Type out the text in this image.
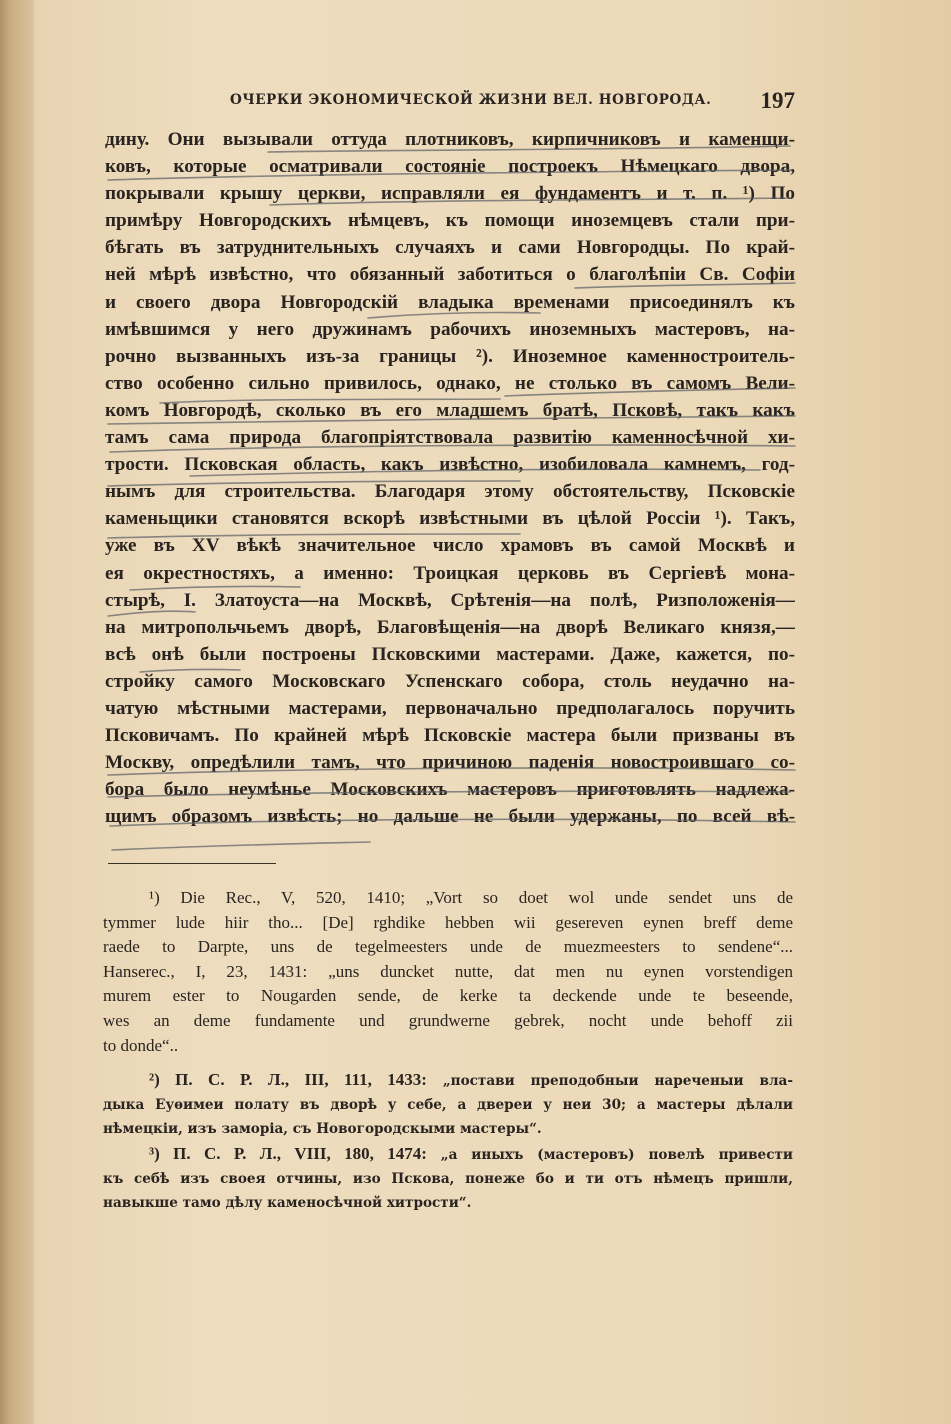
ОЧЕРКИ ЭКОНОМИЧЕСКОЙ ЖИЗНИ ВЕЛ. НОВГОРОДА. 197
дину. Они вызывали оттуда плотниковъ, кирпичниковъ и каменщи-
ковъ, которые осматривали состояніе построекъ Нѣмецкаго двора,
покрывали крышу церкви, исправляли ея фундаментъ и т. п. ¹) По
примѣру Новгородскихъ нѣмцевъ, къ помощи иноземцевъ стали при-
бѣгать въ затруднительныхъ случаяхъ и сами Новгородцы. По край-
ней мѣрѣ извѣстно, что обязанный заботиться о благолѣпіи Св. Софіи
и своего двора Новгородскій владыка временами присоединялъ къ
имѣвшимся у него дружинамъ рабочихъ иноземныхъ мастеровъ, на-
рочно вызванныхъ изъ-за границы ²). Иноземное каменностроитель-
ство особенно сильно привилось, однако, не столько въ самомъ Вели-
комъ Новгородѣ, сколько въ его младшемъ братѣ, Псковѣ, такъ какъ
тамъ сама природа благопріятствовала развитію каменносѣчной хи-
трости. Псковская область, какъ извѣстно, изобиловала камнемъ, год-
нымъ для строительства. Благодаря этому обстоятельству, Псковскіе
каменьщики становятся вскорѣ извѣстными въ цѣлой Россіи ¹). Такъ,
уже въ XV вѣкѣ значительное число храмовъ въ самой Москвѣ и
ея окрестностяхъ, а именно: Троицкая церковь въ Сергіевѣ мона-
стырѣ, І. Златоуста—на Москвѣ, Срѣтенія—на полѣ, Ризположенія—
на митропольчьемъ дворѣ, Благовѣщенія—на дворѣ Великаго князя,—
всѣ онѣ были построены Псковскими мастерами. Даже, кажется, по-
стройку самого Московскаго Успенскаго собора, столь неудачно на-
чатую мѣстными мастерами, первоначально предполагалось поручить
Псковичамъ. По крайней мѣрѣ Псковскіе мастера были призваны въ
Москву, опредѣлили тамъ, что причиною паденія новостроившаго со-
бора было неумѣнье Московскихъ мастеровъ приготовлять надлежа-
щимъ образомъ извѣсть; но дальше не были удержаны, по всей вѣ-
¹) Die Rec., V, 520, 1410; „Vort so doet wol unde sendet uns de
tymmer lude hiir tho... [De] rghdike hebben wii gesereven eynen breff deme
raede to Darpte, uns de tegelmeesters unde de muezmeesters to sendene“...
Hanserec., I, 23, 1431: „uns duncket nutte, dat men nu eynen vorstendigen
murem ester to Nougarden sende, de kerke ta deckende unde te beseende,
wes an deme fundamente und grundwerne gebrek, nocht unde behoff zii
to donde“..
²) П. С. Р. Л., III, 111, 1433: „постави преподобныи нареченыи вла-
дыка Еуѳимеи полату въ дворѣ у себе, а двереи у неи 30; а мастеры дѣлали
нѣмецкіи, изъ заморіа, съ Новогородскыми мастеры“.
³) П. С. Р. Л., VIII, 180, 1474: „а иныхъ (мастеровъ) повелѣ привести
къ себѣ изъ своея отчины, изо Пскова, понеже бо и ти отъ нѣмецъ пришли,
навыкше тамо дѣлу каменосѣчной хитрости“.
